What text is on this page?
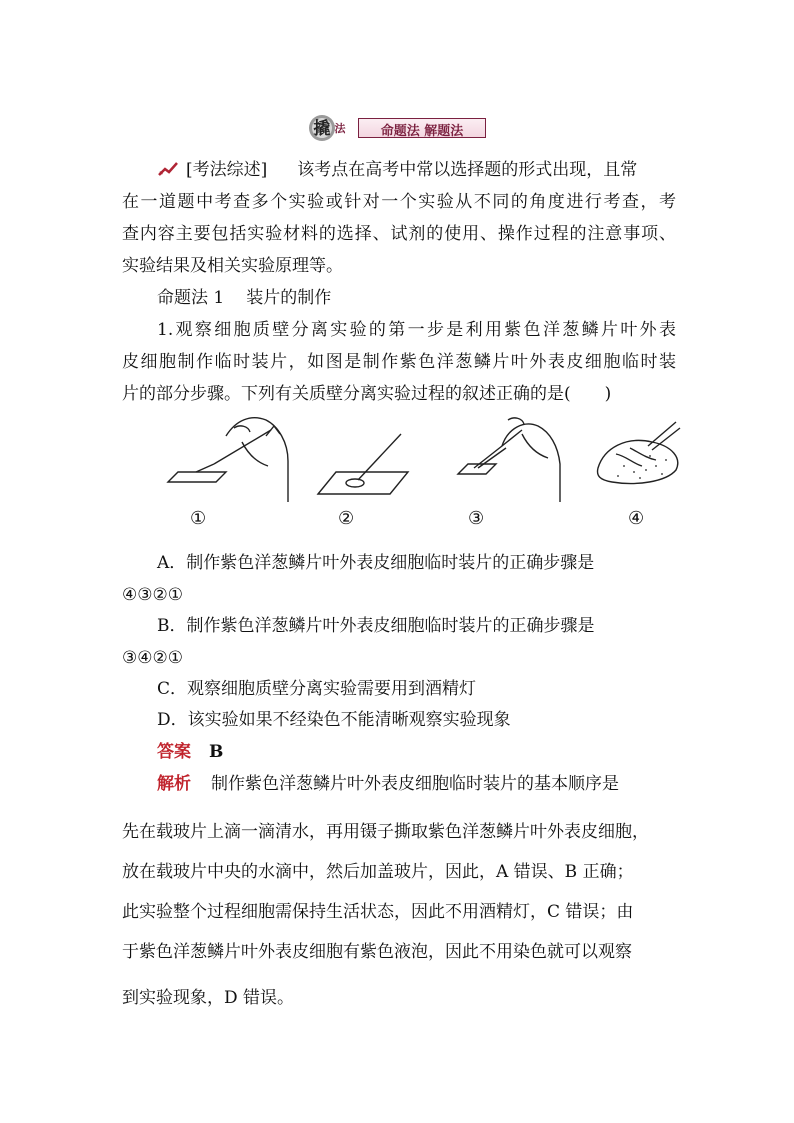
撬 法	命题法 解题法
[考法综述] 该考点在高考中常以选择题的形式出现，且常
在一道题中考查多个实验或针对一个实验从不同的角度进行考查，考
查内容主要包括实验材料的选择、试剂的使用、操作过程的注意事项、
实验结果及相关实验原理等。
命题法 1 装片的制作
1.观察细胞质壁分离实验的第一步是利用紫色洋葱鳞片叶外表
皮细胞制作临时装片，如图是制作紫色洋葱鳞片叶外表皮细胞临时装
片的部分步骤。下列有关质壁分离实验过程的叙述正确的是(　　)
①	②	③	④
A．制作紫色洋葱鳞片叶外表皮细胞临时装片的正确步骤是
④③②①
B．制作紫色洋葱鳞片叶外表皮细胞临时装片的正确步骤是
③④②①
C．观察细胞质壁分离实验需要用到酒精灯
D．该实验如果不经染色不能清晰观察实验现象
答案 B
解析 制作紫色洋葱鳞片叶外表皮细胞临时装片的基本顺序是
先在载玻片上滴一滴清水，再用镊子撕取紫色洋葱鳞片叶外表皮细胞，
放在载玻片中央的水滴中，然后加盖玻片，因此，A 错误、B 正确；
此实验整个过程细胞需保持生活状态，因此不用酒精灯，C 错误；由
于紫色洋葱鳞片叶外表皮细胞有紫色液泡，因此不用染色就可以观察
到实验现象，D 错误。
